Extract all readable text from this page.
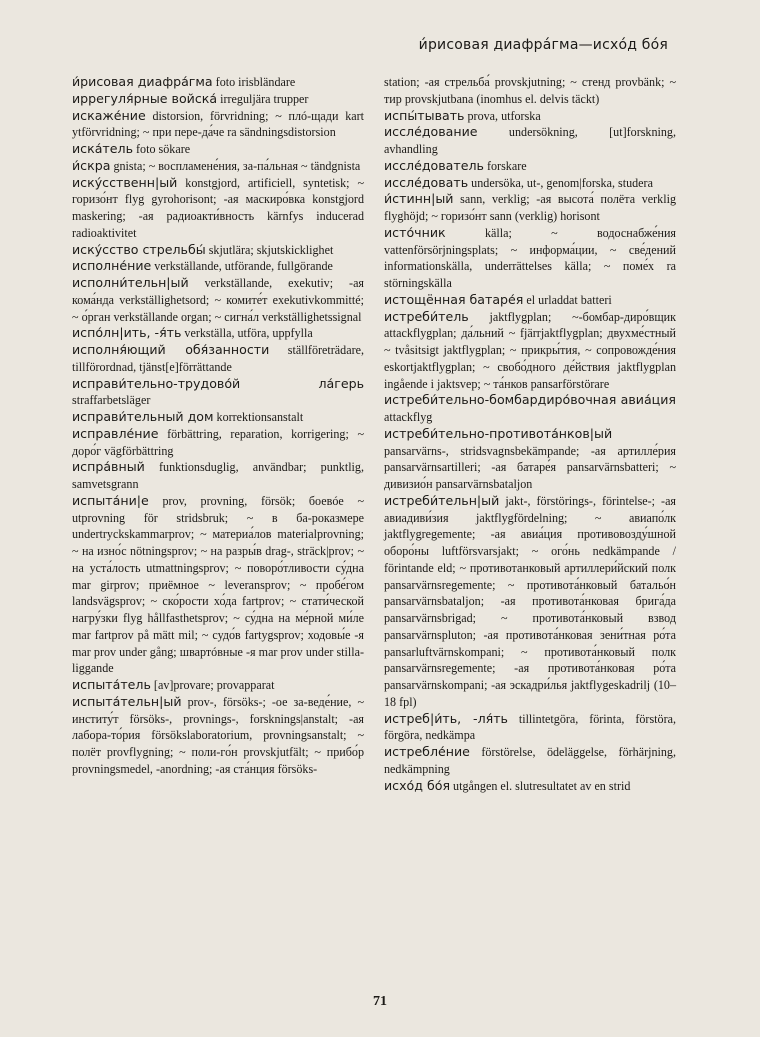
и́рисовая диафра́гма—исхо́д бо́я

и́рисовая диафра́гма foto irisbländare

иррегуля́рные войска́ irreguljära trupper

искаже́ние distorsion, förvridning; ~ плó-щади kart ytförvridning; ~ при пере-да́че ra sändningsdistorsion

иска́тель foto sökare

и́скра gnista; ~ воспламене́ния, за-па́льная ~ tändgnista

иску́сственн|ый konstgjord, artificiell, syntetisk; ~ горизо́нт flyg gyrohorisont; -ая маскиро́вка konstgjord maskering; -ая радиоакти́вность kärnfys inducerad radioaktivitet

иску́сство стрельбы́ skjutlära; skjutskicklighet

исполне́ние verkställande, utförande, fullgörande

исполни́тельн|ый verkställande, exekutiv; -ая кома́нда verkställighetsord; ~ комите́т exekutivkommitté; ~ о́рган verkställande organ; ~ сигна́л verkställighetssignal

испо́лн|ить, -я́ть verkställa, utföra, uppfylla

исполня́ющий обя́занности ställföreträdare, tillförordnad, tjänst[e]förrättande

исправи́тельно-трудово́й ла́герь straffarbetsläger

исправи́тельный дом korrektionsanstalt

исправле́ние förbättring, reparation, korrigering; ~ доро́г vägförbättring

испра́вный funktionsduglig, användbar; punktlig, samvetsgrann

испыта́ни|е prov, provning, försök; боевóе ~ utprovning för stridsbruk; ~ в ба-роказмере undertryckskammarprov; ~ материа́лов materialprovning; ~ на изно́с nötningsprov; ~ на разры́в drag-, sträck|prov; ~ на уста́лость utmattningsprov; ~ поворо́тливости су́дна mar girprov; приёмное ~ leveransprov; ~ пробе́гом landsvägsprov; ~ ско́рости хо́да fartprov; ~ стати́ческой нагру́зки flyg hållfasthetsprov; ~ су́дна на ме́рной ми́ле mar fartprov på mätt mil; ~ судо́в fartygsprov; ходовы́е -я mar prov under gång; швартóвные -я mar prov under stillaliggande

испыта́тель [av]provare; provapparat

испыта́тельн|ый prov-, försöks-; -ое за-веде́ние, ~ институ́т försöks-, provnings-, forsknings|anstalt; -ая лабора-то́рия försökslaboratorium, provningsanstalt; ~ полёт provflygning; ~ поли-го́н provskjutfält; ~ прибо́р provningsmedel, -anordning; -ая ста́нция försöks-

station; -ая стрельба́ provskjutning; ~ стенд provbänk; ~ тир provskjutbana (inomhus el. delvis täckt)

испы́тывать prova, utforska

иссле́дование undersökning, [ut]forskning, avhandling

иссле́дователь forskare

иссле́довать undersöka, ut-, genom|forska, studera

и́стинн|ый sann, verklig; -ая высота́ полёта verklig flyghöjd; ~ горизо́нт sann (verklig) horisont

исто́чник källa; ~ водоснабже́ния vattenförsörjningsplats; ~ информа́ции, ~ све́дений informationskälla, underrättelses källa; ~ поме́х ra störningskälla

истощённая батаре́я el urladdat batteri

истреби́тель jaktflygplan; ~-бомбар-диро́вщик attackflygplan; да́льний ~ fjärrjaktflygplan; двухме́стный ~ tvåsitsigt jaktflygplan; ~ прикры́тия, ~ сопровожде́ния eskortjaktflygplan; ~ свобо́дного де́йствия jaktflygplan ingående i jaktsvep; ~ та́нков pansarförstörare

истреби́тельно-бомбардиро́вочная авиа́ция attackflyg

истреби́тельно-противота́нков|ый pansarvärns-, stridsvagnsbekämpande; -ая артилле́рия pansarvärnsartilleri; -ая батаре́я pansarvärnsbatteri; ~ дивизио́н pansarvärnsbataljon

истреби́тельн|ый jakt-, förstörings-, förintelse-; -ая авиадиви́зия jaktflygfördelning; ~ авиапо́лк jaktflygregemente; -ая авиа́ция противовозду́шной оборо́ны luftförsvarsjakt; ~ ого́нь nedkämpande / förintande eld; ~ противотанковый артиллери́йский полк pansarvärnsregemente; ~ противота́нковый батальо́н pansarvärnsbataljon; -ая противота́нковая брига́да pansarvärnsbrigad; ~ противота́нковый взвод pansarvärnspluton; -ая противота́нковая зени́тная ро́та pansarluftvärnskompani; ~ противота́нковый полк pansarvärnsregemente; -ая противота́нковая ро́та pansarvärnskompani; -ая эскадри́лья jaktflygeskadrilj (10–18 fpl)

истреб|и́ть, -ля́ть tillintetgöra, förinta, förstöra, förgöra, nedkämpa

истребле́ние förstörelse, ödeläggelse, förhärjning, nedkämpning

исхо́д бо́я utgången el. slutresultatet av en strid

71
